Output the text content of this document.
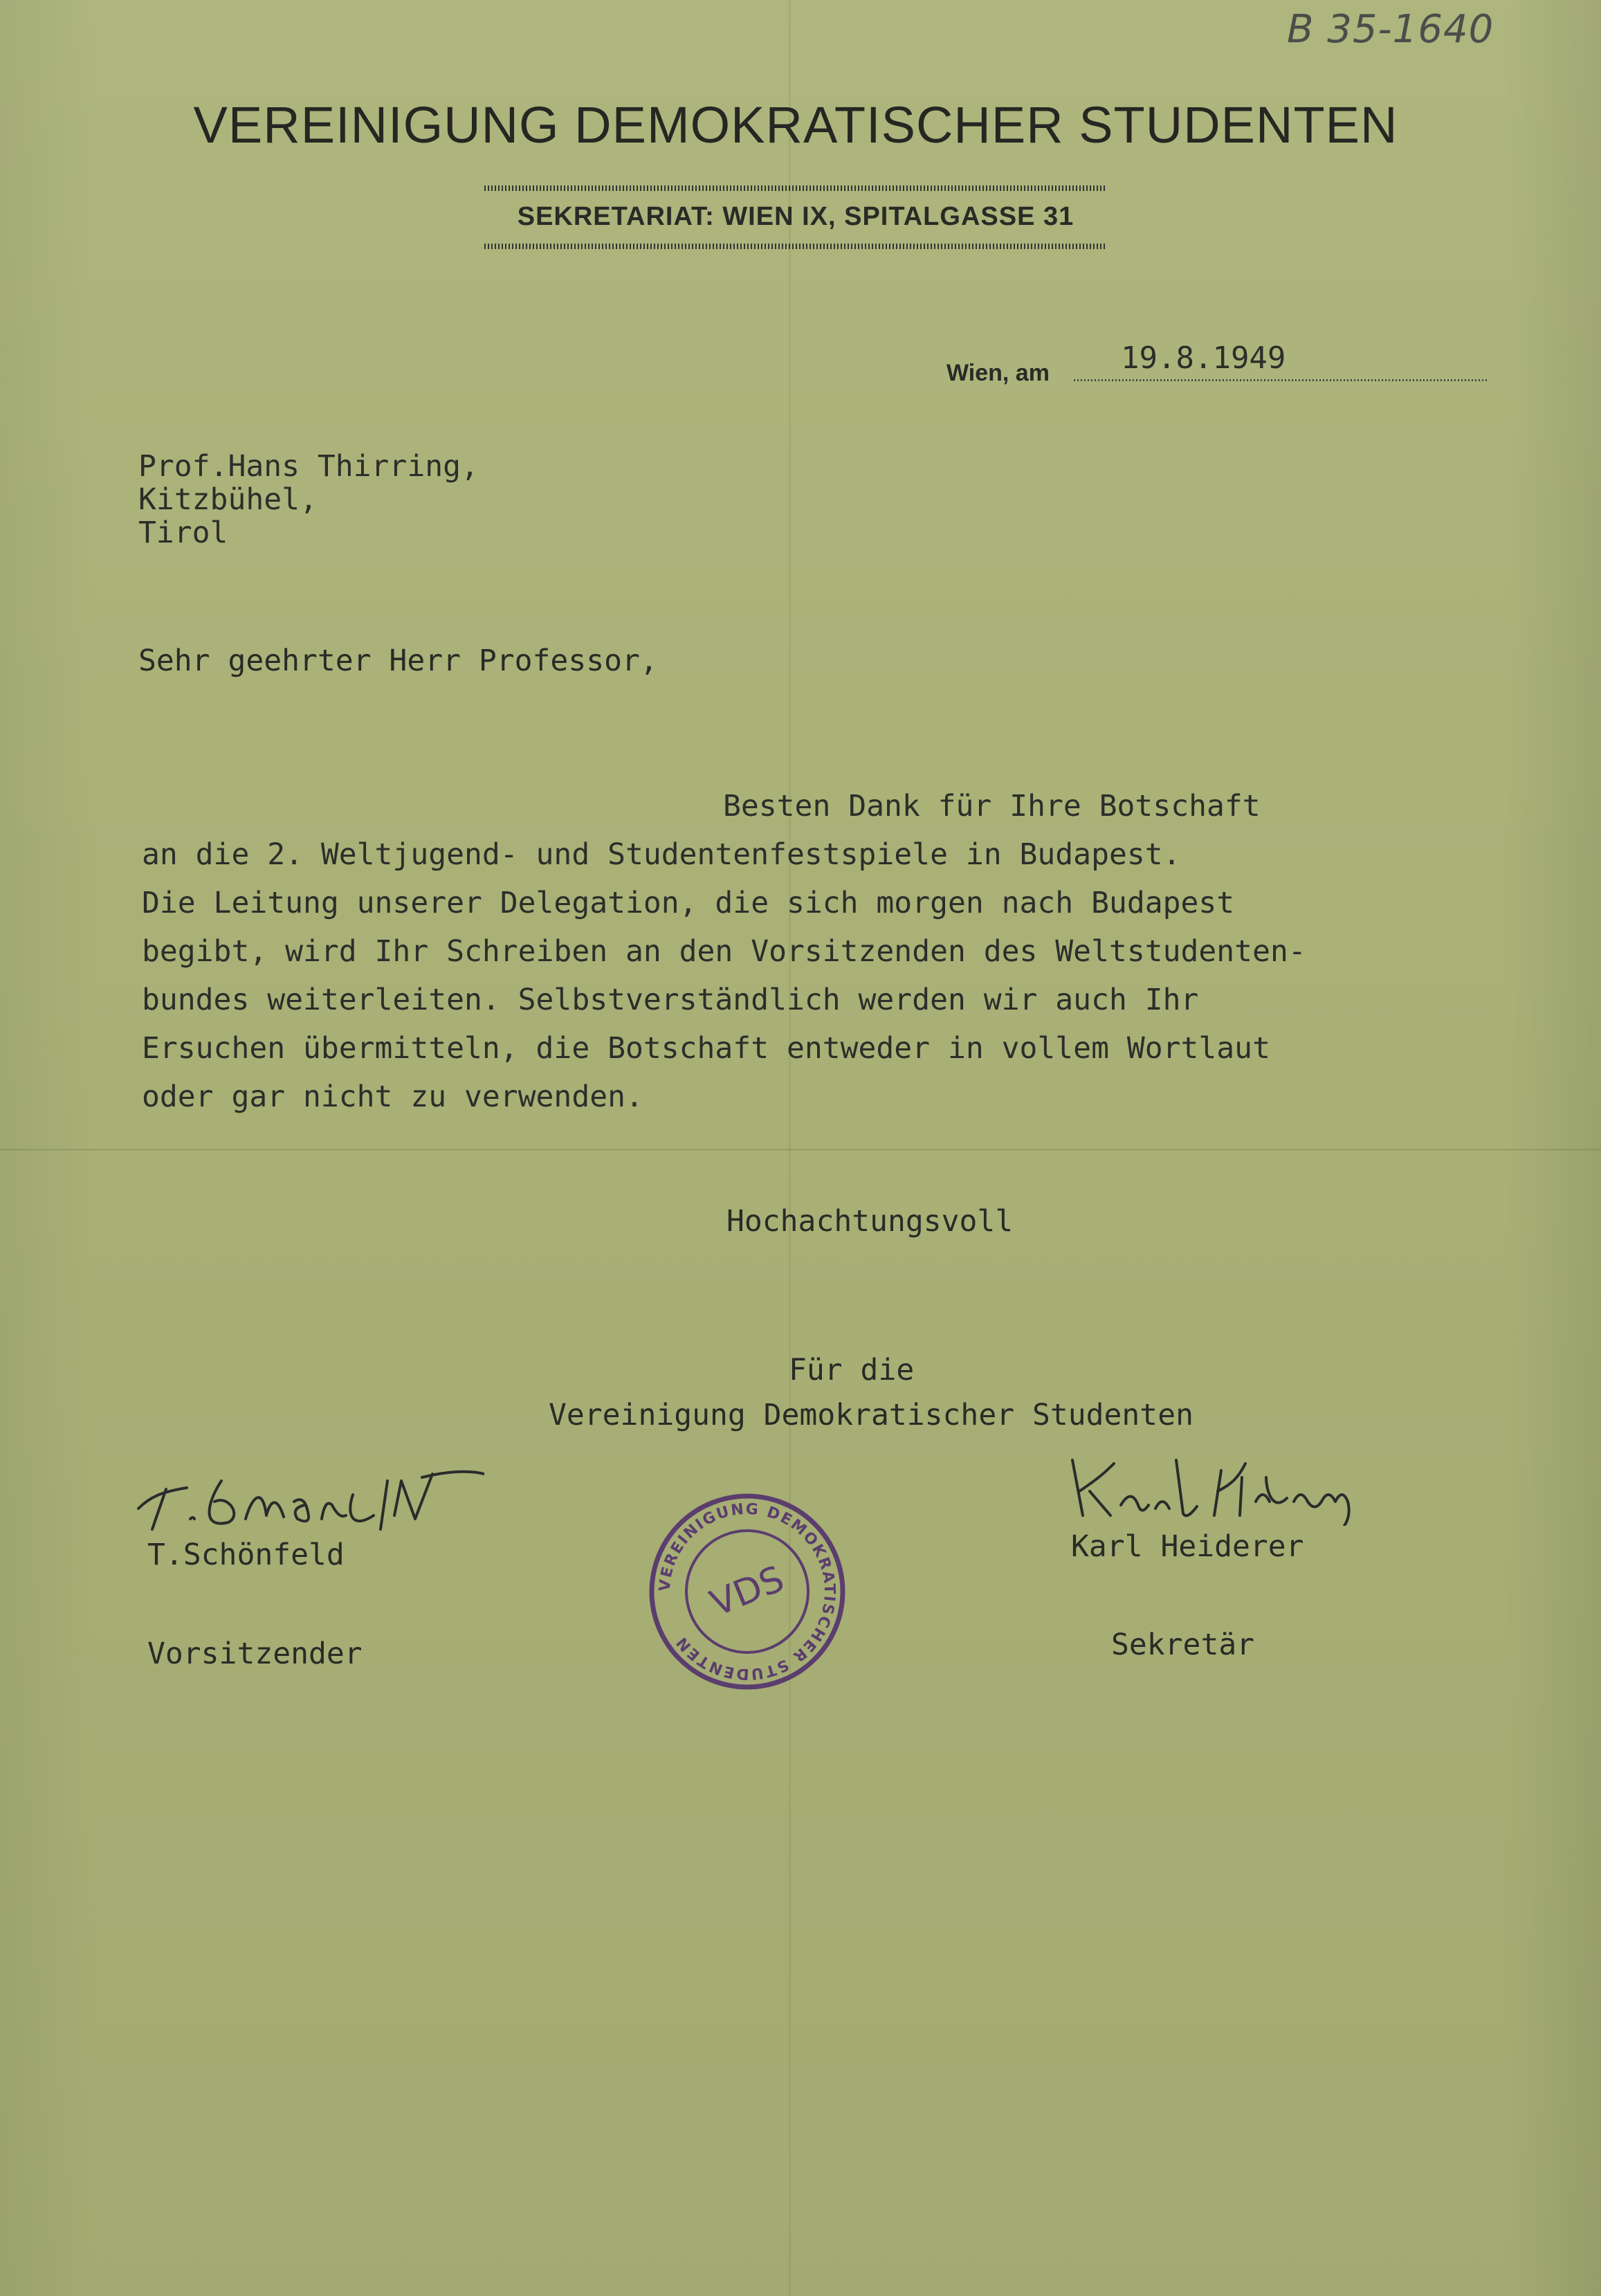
B 35-1640
VEREINIGUNG DEMOKRATISCHER STUDENTEN
SEKRETARIAT: WIEN IX, SPITALGASSE 31
Wien, am 19.8.1949
Prof.Hans Thirring,
Kitzbühel,
Tirol
Sehr geehrter Herr Professor,
Besten Dank für Ihre Botschaft
an die 2. Weltjugend- und Studentenfestspiele in Budapest.
Die Leitung unserer Delegation, die sich morgen nach Budapest
begibt, wird Ihr Schreiben an den Vorsitzenden des Weltstudenten-
bundes weiterleiten. Selbstverständlich werden wir auch Ihr
Ersuchen übermitteln, die Botschaft entweder in vollem Wortlaut
oder gar nicht zu verwenden.
Hochachtungsvoll
Für die
Vereinigung Demokratischer Studenten
T.Schönfeld
Vorsitzender
VEREINIGUNG DEMOKRATISCHER STUDENTEN
VDS
Karl Heiderer
Sekretär
